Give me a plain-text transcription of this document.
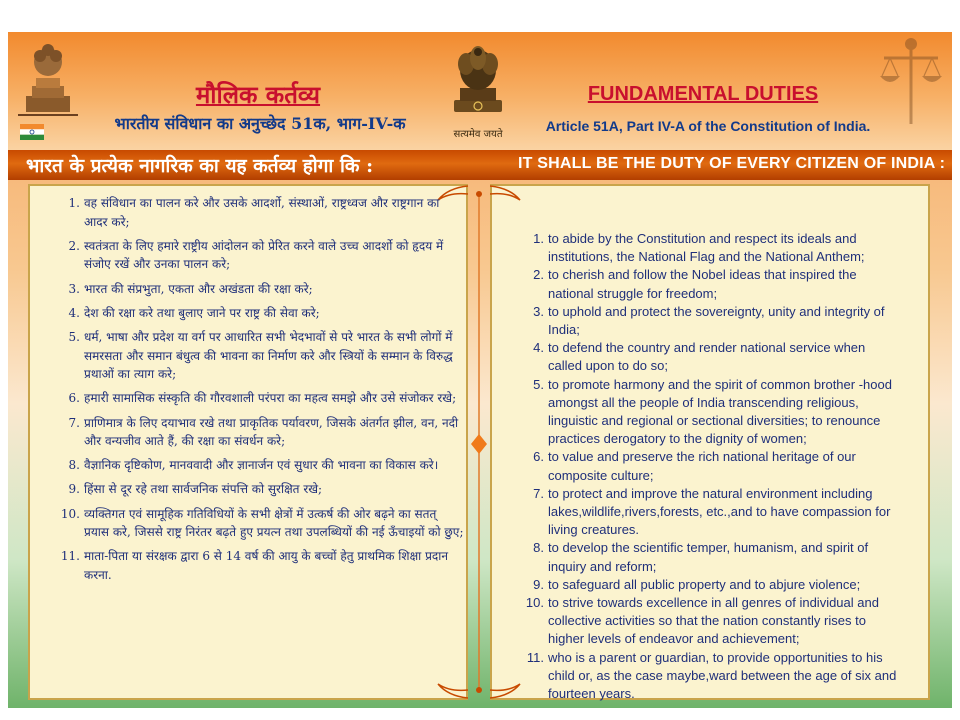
मौलिक कर्तव्य
भारतीय संविधान का अनुच्छेद 51क, भाग-IV-क
सत्यमेव जयते
FUNDAMENTAL DUTIES
Article 51A, Part IV-A of the Constitution of India.
भारत के प्रत्येक नागरिक का यह कर्तव्य होगा कि :	IT SHALL BE THE DUTY OF EVERY CITIZEN OF INDIA :
1. वह संविधान का पालन करे और उसके आदर्शो, संस्थाओं, राष्ट्रध्वज और राष्ट्रगान का आदर करे;
2. स्वतंत्रता के लिए हमारे राष्ट्रीय आंदोलन को प्रेरित करने वाले उच्च आदर्शो को हृदय में संजोए रखें और उनका पालन करे;
3. भारत की संप्रभुता, एकता और अखंडता की रक्षा करे;
4. देश की रक्षा करे तथा बुलाए जाने पर राष्ट्र की सेवा करे;
5. धर्म, भाषा और प्रदेश या वर्ग पर आधारित सभी भेदभावों से परे भारत के सभी लोगों में समरसता और समान बंधुत्व की भावना का निर्माण करे और स्त्रियों के सम्मान के विरुद्ध प्रथाओं का त्याग करे;
6. हमारी सामासिक संस्कृति की गौरवशाली परंपरा का महत्व समझे और उसे संजोकर रखे;
7. प्राणिमात्र के लिए दयाभाव रखे तथा प्राकृतिक पर्यावरण, जिसके अंतर्गत झील, वन, नदी और वन्यजीव आते हैं, की रक्षा का संवर्धन करे;
8. वैज्ञानिक दृष्टिकोण, मानववादी और ज्ञानार्जन एवं सुधार की भावना का विकास करे।
9. हिंसा से दूर रहे तथा सार्वजनिक संपत्ति को सुरक्षित रखे;
10. व्यक्तिगत एवं सामूहिक गतिविधियों के सभी क्षेत्रों में उत्कर्ष की ओर बढ़ने का सतत् प्रयास करे, जिससे राष्ट्र निरंतर बढ़ते हुए प्रयत्न तथा उपलब्धियों की नई ऊँचाइयों को छुए;
11. माता-पिता या संरक्षक द्वारा 6 से 14 वर्ष की आयु के बच्चों हेतु प्राथमिक शिक्षा प्रदान करना.
1. to abide by the Constitution and respect its ideals and institutions, the National Flag and the National Anthem;
2. to cherish and follow the Nobel ideas that inspired the national struggle for freedom;
3. to uphold and protect the sovereignty, unity and integrity of India;
4. to defend the country and render national service when called upon to do so;
5. to promote harmony and the spirit of common brother -hood amongst all the people of India transcending religious, linguistic and regional or sectional diversities; to renounce practices derogatory to the dignity of women;
6. to value and preserve the rich national heritage of our composite culture;
7. to protect and improve the natural environment including lakes,wildlife,rivers,forests, etc.,and to have compassion for living creatures.
8. to develop the scientific temper, humanism, and spirit of inquiry and reform;
9. to safeguard all public property and to abjure violence;
10. to strive towards excellence in all genres of individual and collective activities so that the nation constantly rises to higher levels of endeavor and achievement;
11. who is a parent or guardian, to provide opportunities to his child or, as the case maybe,ward between the age of six and fourteen years.
